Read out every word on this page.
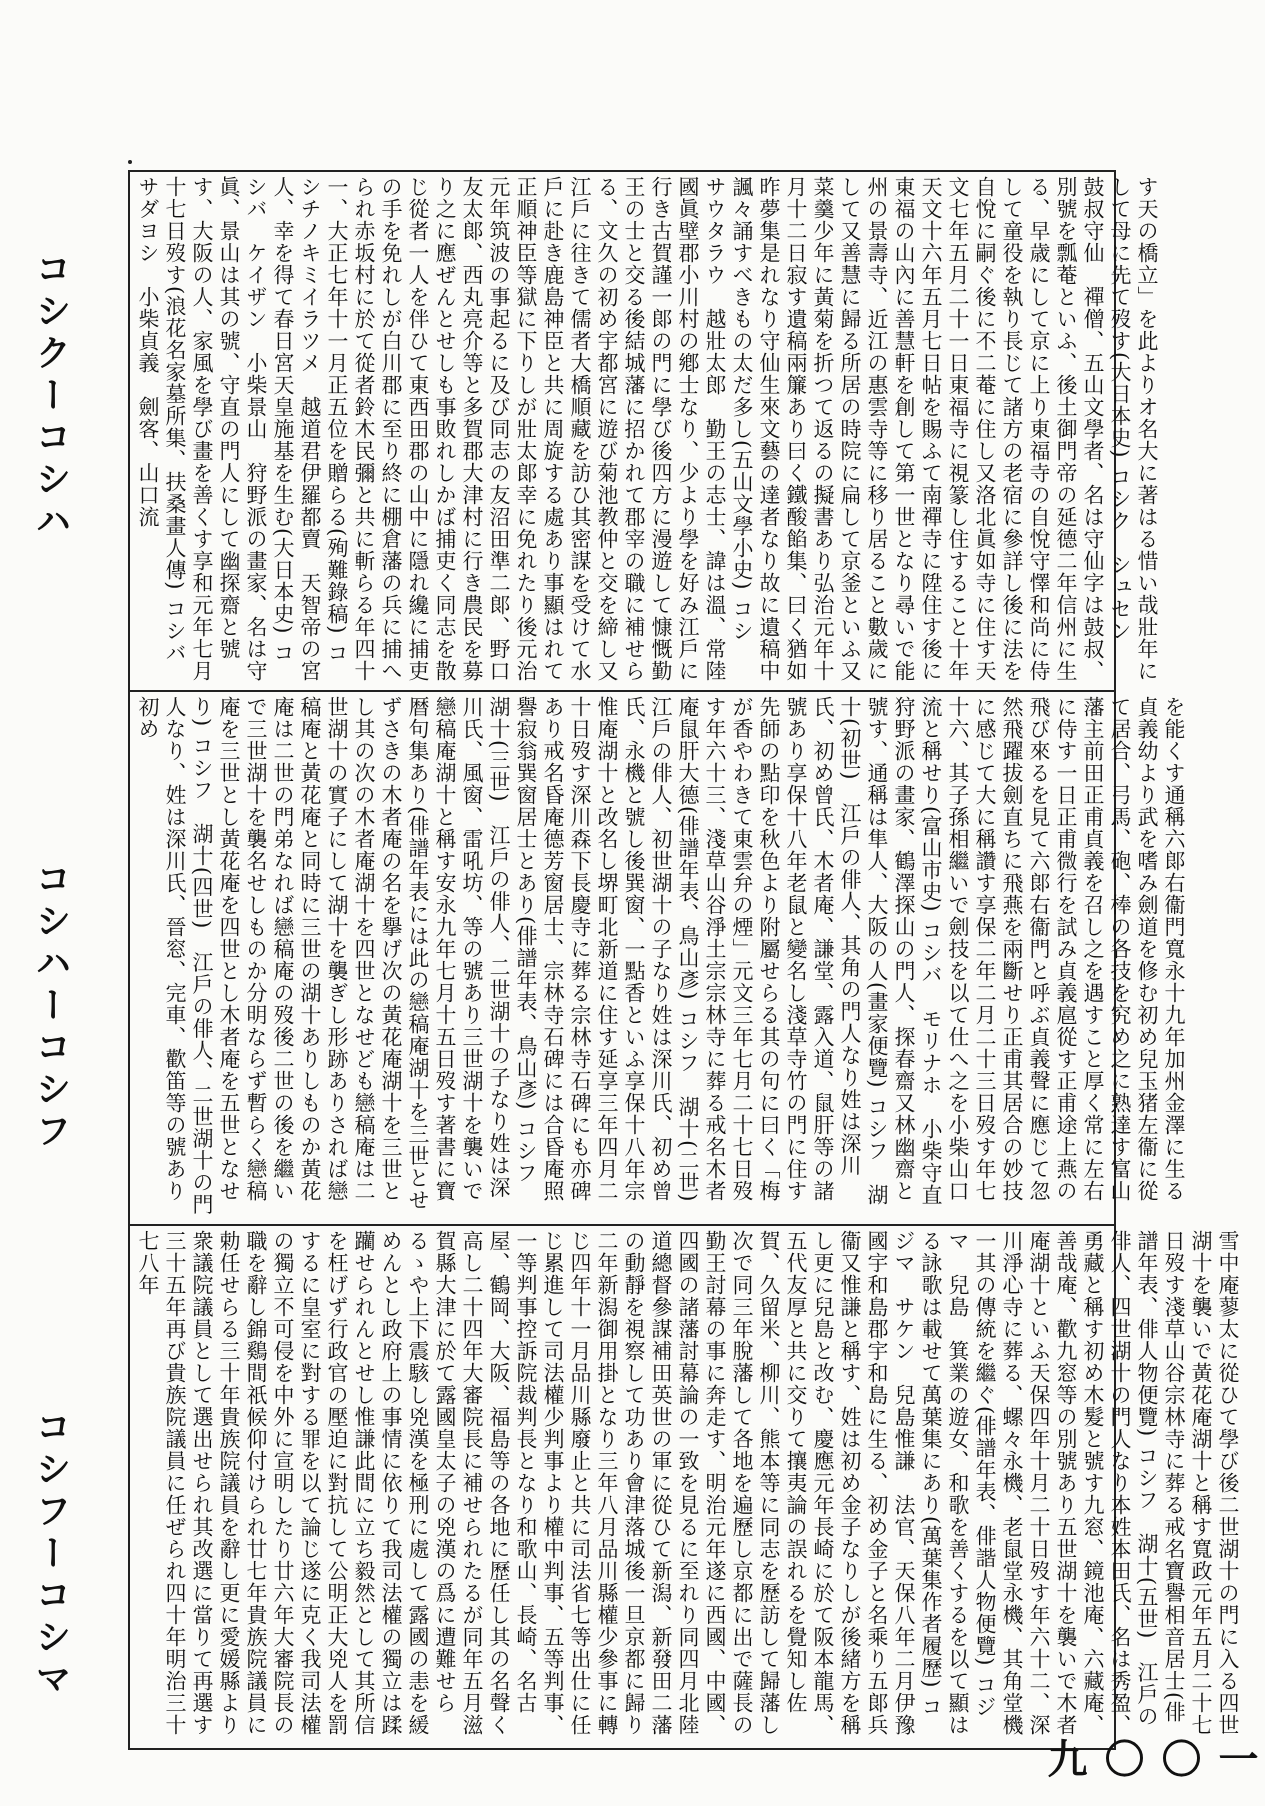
コシクーコシハ
コシハーコシフ
コシフーコシマ
す天の橋立」を此よりオ名大に著はる惜い哉壯年にして母に先て歿す(大日本史) コシク　シュセン　鼓叔守仙　禪僧、五山文學者、名は守仙字は鼓叔、別號を瓢菴といふ、後土御門帝の延德二年信州に生る、早歳にして京に上り東福寺の自悅守懌和尚に侍して童役を執り長じて諸方の老宿に參詳し後に法を自悅に嗣ぐ後に不二菴に住し又洛北眞如寺に住す天文七年五月二十一日東福寺に視篆し住すること十年天文十六年五月七日帖を賜ふて南禪寺に陞住す後に東福の山內に善慧軒を創して第一世となり尋いで能州の景壽寺、近江の惠雲寺等に移り居ること數歲にして又善慧に歸る所居の時院に扁して京釜といふ又菜羹少年に黃菊を折つて返るの擬書あり弘治元年十月十二日寂す遺稿兩簾あり曰く鐵酸餡集、曰く猶如昨夢集是れなり守仙生來文藝の達者なり故に遺稿中諷々誦すべきもの太だ多し(五山文學小史) コシ　サウタラウ　越壯太郎　勤王の志士、諱は溫、常陸國眞壁郡小川村の鄕士なり、少より學を好み江戶に行き古賀謹一郞の門に學び後四方に漫遊して慷慨勤王の士と交る後結城藩に招かれて郡宰の職に補せらる、文久の初め宇都宮に遊び菊池教仲と交を締し又江戶に往きて儒者大橋順藏を訪ひ其密謀を受けて水戶に赴き鹿島神臣と共に周旋する處あり事顯はれて正順神臣等獄に下りしが壯太郞幸に免れたり後元治元年筑波の事起るに及び同志の友沼田準二郞、野口友太郞、西丸亮介等と多賀郡大津村に行き農民を募り之に應ぜんとせしも事敗れしかば捕吏く同志を散じ從者一人を伴ひて東西田郡の山中に隱れ纔に捕吏の手を免れしが白川郡に至り終に棚倉藩の兵に捕へられ赤坂村に於て從者鈴木民彌と共に斬らる年四十一、大正七年十一月正五位を贈らる(殉難錄稿) コシチノキミイラツメ　越道君伊羅都賣　天智帝の宮人、幸を得て春日宮天皇施基を生む(大日本史) コシバ　ケイザン　小柴景山　狩野派の畫家、名は守眞、景山は其の號、守直の門人にして幽探齋と號す、大阪の人、家風を學び畫を善くす享和元年七月十七日歿す(浪花名家墓所集、扶桑畫人傳) コシバ　サダヨシ　小柴貞義　劍客、山口流
を能くす通稱六郞右衞門寬永十九年加州金澤に生る貞義幼より武を嗜み劍道を修む初め兒玉猪左衞に從て居合、弓馬、砲、棒の各技を究め之に熟達す富山藩主前田正甫貞義を召し之を遇すこと厚く常に左右に侍す一日正甫微行を試み貞義扈從す正甫途上燕の飛び來るを見て六郞右衞門と呼ぶ貞義聲に應じて忽然飛躍拔劍直ちに飛燕を兩斷せり正甫其居合の妙技に感じて大に稱讚す享保二年二月二十三日歿す年七十六、其子孫相繼いで劍技を以て仕へ之を小柴山口流と稱せり(富山市史) コシバ　モリナホ　小柴守直　狩野派の畫家、鶴澤探山の門人、探春齋又林幽齋と號す、通稱は隼人、大阪の人(畫家便覽) コシフ　湖十(初世)　江戶の俳人、其角の門人なり姓は深川氏、初め曾氏、木者庵、謙堂、露入道、鼠肝等の諸號あり享保十八年老鼠と變名し淺草寺竹の門に住す先師の點印を秋色より附屬せらる其の句に曰く「梅が香やわきて東雲弁の煙」元文三年七月二十七日歿す年六十三、淺草山谷淨土宗宗林寺に葬る戒名木者庵鼠肝大德(俳譜年表、鳥山彥) コシフ　湖十(二世)　江戶の俳人、初世湖十の子なり姓は深川氏、初め曾氏、永機と號し後巽窗、一點香といふ享保十八年宗惟庵湖十と改名し堺町北新道に住す延享三年四月二十日歿す深川森下長慶寺に葬る宗林寺石碑にも亦碑あり戒名昏庵德芳窗居士、宗林寺石碑には合昏庵照譽寂翁巽窗居士とあり(俳譜年表、鳥山彥) コシフ　湖十(三世)　江戶の俳人、二世湖十の子なり姓は深川氏、風窗、雷吼坊、等の號あり三世湖十を襲いで戀稿庵湖十と稱す安永九年七月十五日歿す著書に寶暦句集あり(俳譜年表には此の戀稿庵湖十を三世とせずさきの木者庵の名を擧げ次の黃花庵湖十を三世とし其の次の木者庵湖十を四世となせども戀稿庵は二世湖十の實子にして湖十を襲ぎし形跡ありされば戀稿庵と黃花庵と同時に三世の湖十ありしものか黃花庵は二世の門弟なれば戀稿庵の歿後二世の後を繼いで三世湖十を襲名せしものか分明ならず暫らく戀稿庵を三世とし黃花庵を四世とし木者庵を五世となせり) コシフ　湖十(四世)　江戶の俳人、二世湖十の門人なり、姓は深川氏、晉窓、完車、歡笛等の號あり初め
雪中庵蓼太に從ひて學び後二世湖十の門に入る四世湖十を襲いで黃花庵湖十と稱す寬政元年五月二十七日歿す淺草山谷宗林寺に葬る戒名寶譽相音居士(俳譜年表、俳人物便覽) コシフ　湖十(五世)　江戶の俳人、四世湖十の門人なり本姓本田氏、名は秀盈、勇藏と稱す初め木髮と號す九窓、鏡池庵、六藏庵、善哉庵、歡九窓等の別號あり五世湖十を襲いで木者庵湖十といふ天保四年十月二十日歿す年六十二、深川淨心寺に葬る、螺々永機、老鼠堂永機、其角堂機一其の傳統を繼ぐ(俳譜年表、俳諧人物便覽) コジマ　兒島　箕業の遊女、和歌を善くするを以て顯はる詠歌は載せて萬葉集にあり(萬葉集作者履歷) コジマ　サケン　兒島惟謙　法官、天保八年二月伊豫國宇和島郡宇和島に生る、初め金子と名乘り五郞兵衞又惟謙と稱す、姓は初め金子なりしが後緒方を稱し更に兒島と改む、慶應元年長崎に於て阪本龍馬、五代友厚と共に交りて攘夷論の誤れるを覺知し佐賀、久留米、柳川、熊本等に同志を歷訪して歸藩し次で同三年脫藩して各地を遍歷し京都に出で薩長の勤王討幕の事に奔走す、明治元年遂に西國、中國、四國の諸藩討幕論の一致を見るに至れり同四月北陸道總督參謀補田英世の軍に從ひて新潟、新發田二藩の動靜を視察して功あり會津落城後一旦京都に歸り二年新潟御用掛となり三年八月品川縣權少參事に轉じ四年十一月品川縣廢止と共に司法省七等出仕に任じ累進して司法權少判事より權中判事、五等判事、一等判事控訴院裁判長となり和歌山、長崎、名古屋、鶴岡、大阪、福島等の各地に歷任し其の名聲く高し二十四年大審院長に補せられたるが同年五月滋賀縣大津に於て露國皇太子の兇漢の爲に遭難せらるゝや上下震駭し兇漢を極刑に處して露國の恚を緩めんとし政府上の事情に依りて我司法權の獨立は蹂躪せられんとせし惟謙此間に立ち毅然として其所信を枉げず行政官の壓迫に對抗して公明正大兇人を罰するに皇室に對する罪を以て論じ遂に克く我司法權の獨立不可侵を中外に宣明したり廿六年大審院長の職を辭し錦鷄間祇候仰付けられ廿七年貴族院議員に勅任せらる三十年貴族院議員を辭し更に愛媛縣より衆議院議員として選出せられ其改選に當りて再選す三十五年再び貴族院議員に任ぜられ四十年明治三十七八年
一〇〇九
